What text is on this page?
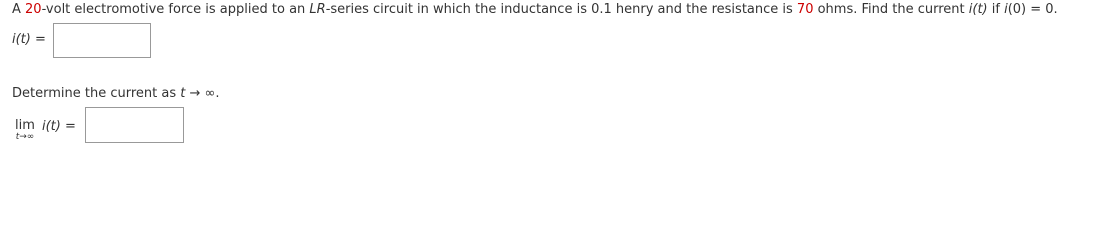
A 20-volt electromotive force is applied to an LR-series circuit in which the inductance is 0.1 henry and the resistance is 70 ohms. Find the current i(t) if i(0) = 0.
i(t) =
Determine the current as t → ∞.
lim
t→∞
i(t) =
